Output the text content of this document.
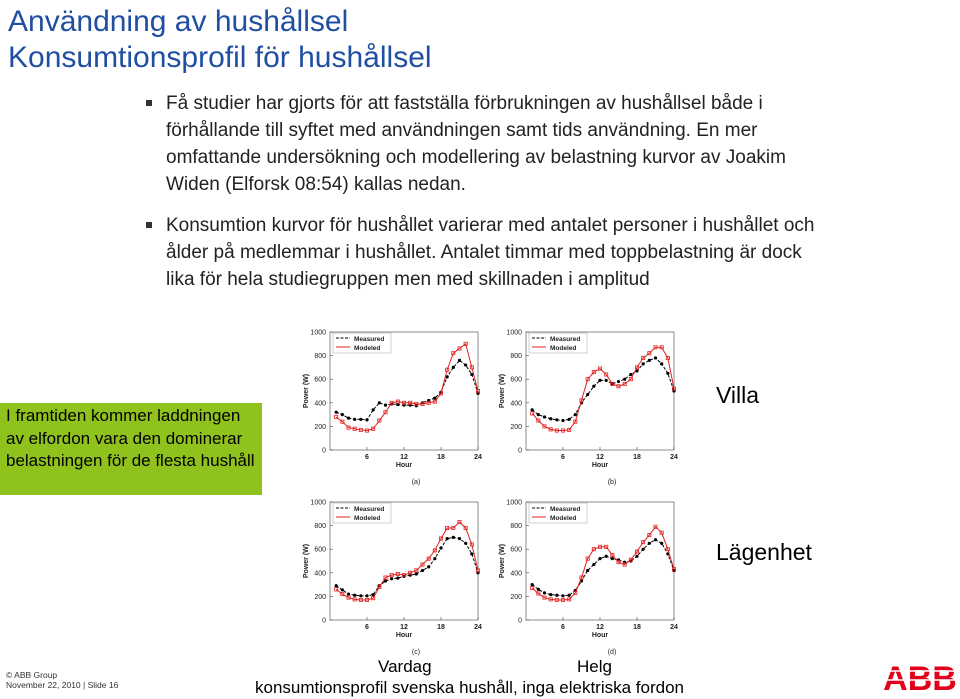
Användning av hushållsel
Konsumtionsprofil för hushållsel
Få studier har gjorts för att fastställa förbrukningen av hushållsel både i förhållande till syftet med användningen samt tids användning. En mer omfattande undersökning och modellering av belastning kurvor av Joakim Widen (Elforsk 08:54) kallas nedan.
Konsumtion kurvor för hushållet varierar med antalet personer i hushållet och ålder på medlemmar i hushållet. Antalet timmar med toppbelastning är dock lika för hela studiegruppen men med skillnaden i amplitud
I framtiden kommer laddningen av elfordon vara den dominerar belastningen för de flesta hushåll	0
200
400
600
800
1000
6	12	18	24
Hour
Power (W)
(a)
Measured
Modeled
0
200
400
600
800
1000
6	12	18	24
Hour
Power (W)
(b)
Measured
Modeled
0
200
400
600
800
1000
6	12	18	24
Hour
Power (W)
(c)
Measured
Modeled
0
200
400
600
800
1000
6	12	18	24
Hour
Power (W)
(d)
Measured
Modeled
Villa
Lägenhet
Vardag	Helg
konsumtionsprofil svenska hushåll, inga elektriska fordon
© ABB Group
November 22, 2010 | Slide 16	ABB
